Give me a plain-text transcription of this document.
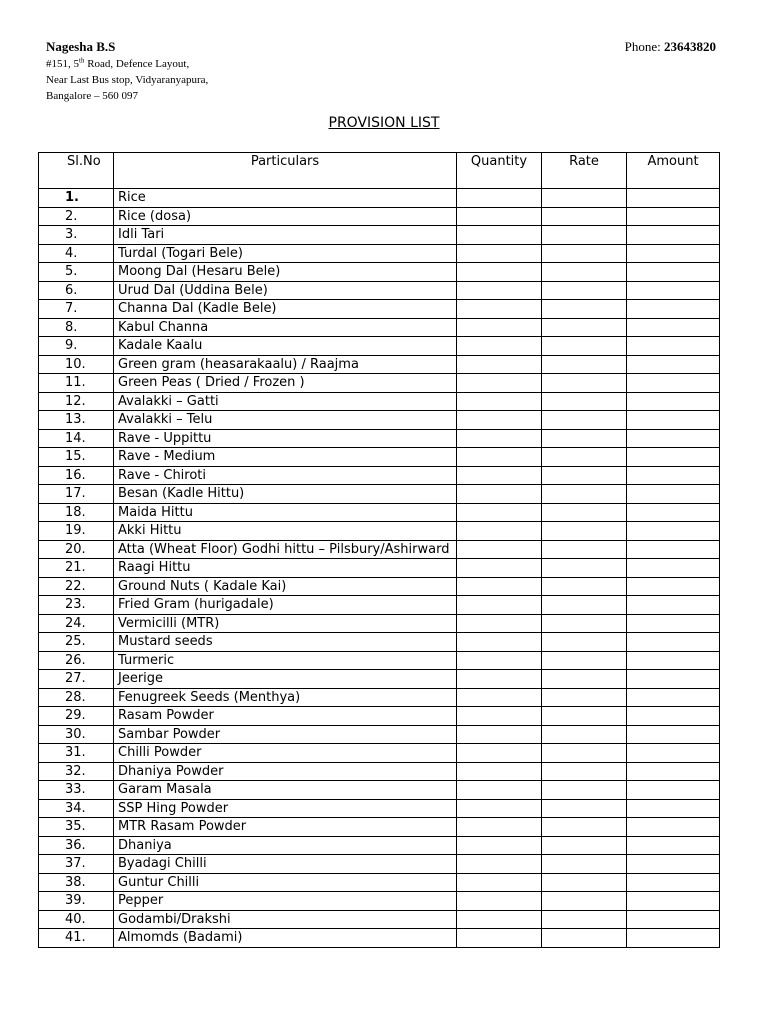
Nagesha B.S
#151, 5th Road, Defence Layout,
Near Last Bus stop, Vidyaranyapura,
Bangalore – 560 097
Phone: 23643820
PROVISION LIST
Sl.No	Particulars	Quantity	Rate	Amount
1.	Rice			
2.	Rice (dosa)			
3.	Idli Tari			
4.	Turdal (Togari Bele)			
5.	Moong Dal (Hesaru Bele)			
6.	Urud Dal (Uddina Bele)			
7.	Channa Dal (Kadle Bele)			
8.	Kabul Channa			
9.	Kadale Kaalu			
10.	Green gram (heasarakaalu) / Raajma			
11.	Green Peas ( Dried / Frozen )			
12.	Avalakki – Gatti			
13.	Avalakki – Telu			
14.	Rave - Uppittu			
15.	Rave - Medium			
16.	Rave - Chiroti			
17.	Besan (Kadle Hittu)			
18.	Maida Hittu			
19.	Akki Hittu			
20.	Atta (Wheat Floor) Godhi hittu – Pilsbury/Ashirward			
21.	Raagi Hittu			
22.	Ground Nuts ( Kadale Kai)			
23.	Fried Gram (hurigadale)			
24.	Vermicilli (MTR)			
25.	Mustard seeds			
26.	Turmeric			
27.	Jeerige			
28.	Fenugreek Seeds (Menthya)			
29.	Rasam Powder			
30.	Sambar Powder			
31.	Chilli Powder			
32.	Dhaniya Powder			
33.	Garam Masala			
34.	SSP Hing Powder			
35.	MTR Rasam Powder			
36.	Dhaniya			
37.	Byadagi Chilli			
38.	Guntur Chilli			
39.	Pepper			
40.	Godambi/Drakshi			
41.	Almomds (Badami)			
